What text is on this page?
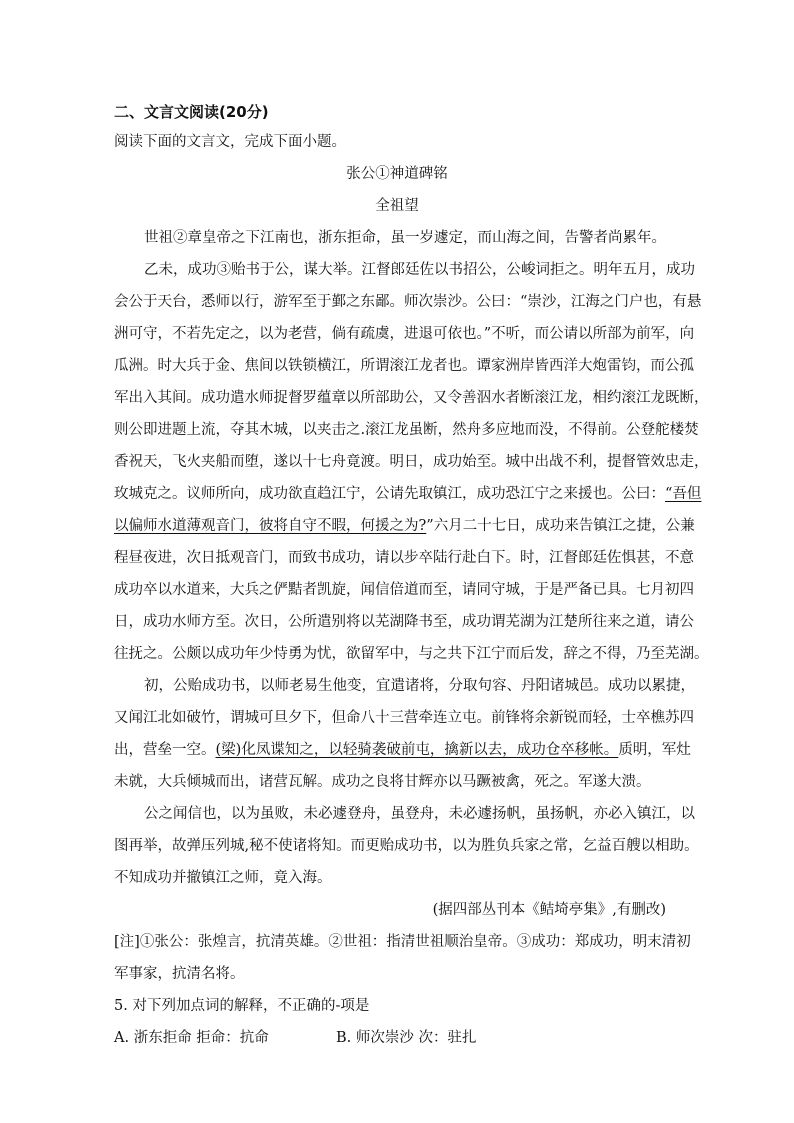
二、文言文阅读(20分)
阅读下面的文言文，完成下面小题。
张公①神道碑铭
全祖望
世祖②章皇帝之下江南也，浙东拒命，虽一岁遽定，而山海之间，告警者尚累年。
乙未，成功③贻书于公，谋大举。江督郎廷佐以书招公，公峻词拒之。明年五月，成功
会公于天台，悉师以行，游军至于鄞之东鄙。师次崇沙。公曰：“崇沙，江海之门户也，有悬
洲可守，不若先定之，以为老营，倘有疏虞，进退可依也。”不听，而公请以所部为前军，向
瓜洲。时大兵于金、焦间以铁锁横江，所谓滚江龙者也。谭家洲岸皆西洋大炮雷钧，而公孤
军出入其间。成功遣水师捉督罗蕴章以所部助公，又令善泅水者断滚江龙，相约滚江龙既断，
则公即进题上流，夺其木城，以夹击之.滚江龙虽断，然舟多应地而没，不得前。公登舵楼焚
香祝天，飞火夹船而堕，遂以十七舟竟渡。明日，成功始至。城中出战不利，提督管效忠走，
玫城克之。议师所向，成功欲直趋江宁，公请先取镇江，成功恐江宁之来援也。公曰：“吾但
以偏师水道薄观音门，彼将自守不暇，何援之为?”六月二十七日，成功来告镇江之捷，公兼
程昼夜进，次日抵观音门，而致书成功，请以步卒陆行赴白下。时，江督郎廷佐惧甚，不意
成功卒以水道来，大兵之俨黠者凯旋，闻信倍道而至，请同守城，于是严备已具。七月初四
日，成功水师方至。次日，公所遣别将以芜湖降书至，成功谓芜湖为江楚所往来之道，请公
往抚之。公颇以成功年少恃勇为忧，欲留军中，与之共下江宁而后发，辞之不得，乃至芜湖。
初，公贻成功书，以师老易生他变，宜遣诸将，分取句容、丹阳诸城邑。成功以累捷，
又闻江北如破竹，谓城可旦夕下，但命八十三营牵连立屯。前锋将余新锐而轻，士卒樵苏四
出，营垒一空。(梁)化凤谍知之，以轻骑袭破前屯，擒新以去，成功仓卒移帐。质明，军灶
未就，大兵倾城而出，诸营瓦解。成功之良将甘辉亦以马蹶被禽，死之。军遂大溃。
公之闻信也，以为虽败，未必遽登舟，虽登舟，未必遽扬帆，虽扬帆，亦必入镇江，以
图再举，故弹压列城,秘不使诸将知。而更贻成功书，以为胜负兵家之常，乞益百艘以相助。
不知成功并撤镇江之师，竟入海。
(据四部丛刊本《鲒埼亭集》,有删改)
[注]①张公：张煌言，抗清英雄。②世祖：指清世祖顺治皇帝。③成功：郑成功，明末清初
军事家，抗清名将。
5. 对下列加点词的解释，不正确的-项是
A. 浙东拒命 拒命：抗命	B. 师次崇沙 次：驻扎
